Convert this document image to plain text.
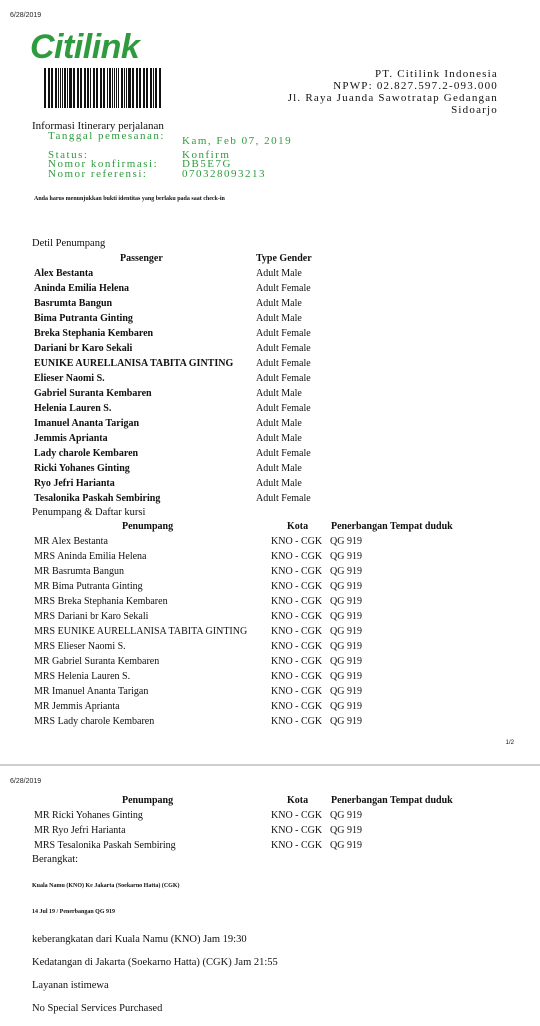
6/28/2019
Citilink
PT. Citilink Indonesia
NPWP: 02.827.597.2-093.000
Jl. Raya Juanda Sawotratap Gedangan
Sidoarjo
Informasi Itinerary perjalanan
Tanggal pemesanan: Kam, Feb 07, 2019
Status:	Konfirm
Nomor konfirmasi: DB5E7G
Nomor referensi:	070328093213
Anda harus menunjukkan bukti identitas yang berlaku pada saat check-in
Detil Penumpang
Passenger	Type Gender
Alex Bestanta	Adult Male
Aninda Emilia Helena	Adult Female
Basrumta Bangun	Adult Male
Bima Putranta Ginting	Adult Male
Breka Stephania Kembaren	Adult Female
Dariani br Karo Sekali	Adult Female
EUNIKE AURELLANISA TABITA GINTING Adult Female
Elieser Naomi S.	Adult Female
Gabriel Suranta Kembaren	Adult Male
Helenia Lauren S.	Adult Female
Imanuel Ananta Tarigan	Adult Male
Jemmis Aprianta	Adult Male
Lady charole Kembaren	Adult Female
Ricki Yohanes Ginting	Adult Male
Ryo Jefri Harianta	Adult Male
Tesalonika Paskah Sembiring	Adult Female
Penumpang & Daftar kursi
Penumpang	Kota Penerbangan Tempat duduk
MR Alex Bestanta	KNO - CGK QG 919
MRS Aninda Emilia Helena	KNO - CGK QG 919
MR Basrumta Bangun	KNO - CGK QG 919
MR Bima Putranta Ginting	KNO - CGK QG 919
MRS Breka Stephania Kembaren	KNO - CGK QG 919
MRS Dariani br Karo Sekali	KNO - CGK QG 919
MRS EUNIKE AURELLANISA TABITA GINTING KNO - CGK QG 919
MRS Elieser Naomi S.	KNO - CGK QG 919
MR Gabriel Suranta Kembaren	KNO - CGK QG 919
MRS Helenia Lauren S.	KNO - CGK QG 919
MR Imanuel Ananta Tarigan	KNO - CGK QG 919
MR Jemmis Aprianta	KNO - CGK QG 919
MRS Lady charole Kembaren	KNO - CGK QG 919
1/2
6/28/2019
Penumpang	Kota Penerbangan Tempat duduk
MR Ricki Yohanes Ginting	KNO - CGK QG 919
MR Ryo Jefri Harianta	KNO - CGK QG 919
MRS Tesalonika Paskah Sembiring	KNO - CGK QG 919
Berangkat:
Kuala Namu (KNO) Ke Jakarta (Soekarno Hatta) (CGK)
14 Jul 19 / Penerbangan QG 919
keberangkatan dari Kuala Namu (KNO) Jam 19:30
Kedatangan di Jakarta (Soekarno Hatta) (CGK) Jam 21:55
Layanan istimewa
No Special Services Purchased
